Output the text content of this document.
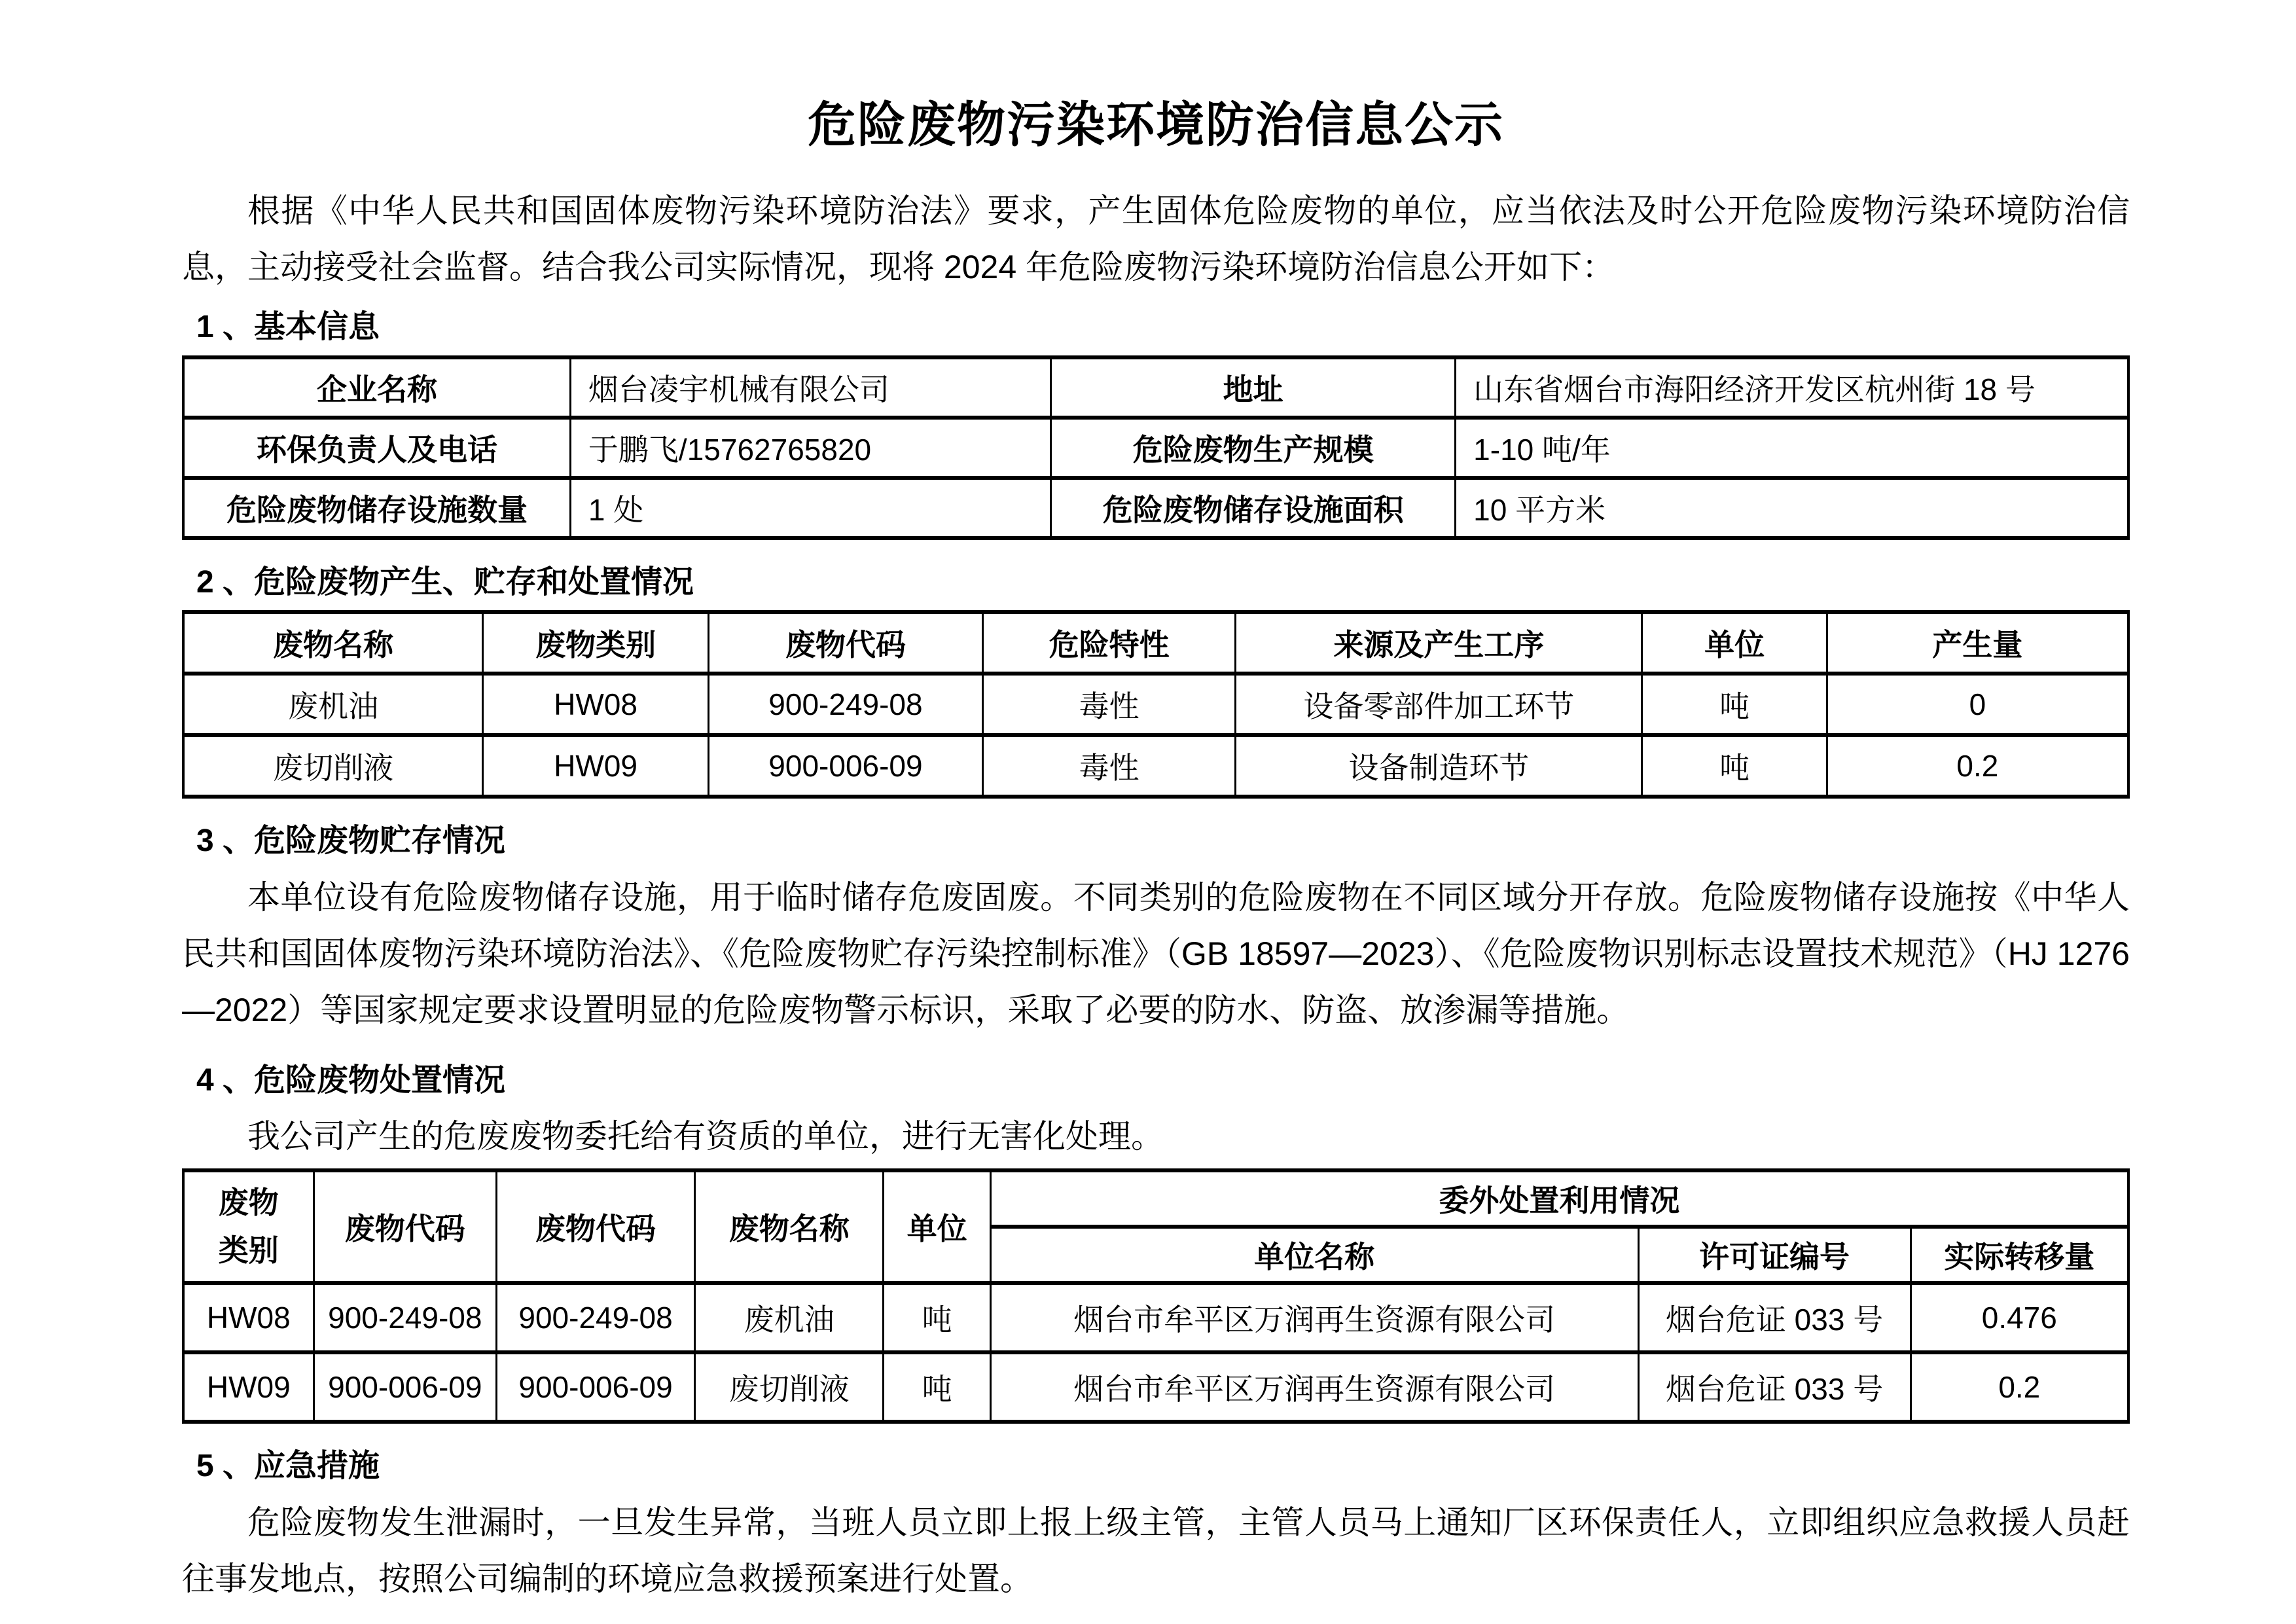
危险废物污染环境防治信息公示

根据《中华人民共和国固体废物污染环境防治法》要求，产生固体危险废物的单位，应当依法及时公开危险废物污染环境防治信息，主动接受社会监督。结合我公司实际情况，现将 2024 年危险废物污染环境防治信息公开如下：

1 、基本信息
企业名称	烟台凌宇机械有限公司	地址	山东省烟台市海阳经济开发区杭州街 18 号
环保负责人及电话	于鹏飞/15762765820	危险废物生产规模	1-10 吨/年
危险废物储存设施数量	1 处	危险废物储存设施面积	10 平方米
2 、危险废物产生、贮存和处置情况
废物名称	废物类别	废物代码	危险特性	来源及产生工序	单位	产生量
废机油	HW08	900-249-08	毒性	设备零部件加工环节	吨	0
废切削液	HW09	900-006-09	毒性	设备制造环节	吨	0.2
3 、危险废物贮存情况

本单位设有危险废物储存设施，用于临时储存危废固废。不同类别的危险废物在不同区域分开存放。危险废物储存设施按《中华人民共和国固体废物污染环境防治法》、《危险废物贮存污染控制标准》（GB 18597—2023）、《危险废物识别标志设置技术规范》（HJ 1276—2022）等国家规定要求设置明显的危险废物警示标识，采取了必要的防水、防盗、放渗漏等措施。

4 、危险废物处置情况

我公司产生的危废废物委托给有资质的单位，进行无害化处理。

废物类别	废物代码	废物代码	废物名称	单位	委外处置利用情况		
					单位名称	许可证编号	实际转移量
HW08	900-249-08	900-249-08	废机油	吨	烟台市牟平区万润再生资源有限公司	烟台危证 033 号	0.476
HW09	900-006-09	900-006-09	废切削液	吨	烟台市牟平区万润再生资源有限公司	烟台危证 033 号	0.2
5 、应急措施

危险废物发生泄漏时，一旦发生异常，当班人员立即上报上级主管，主管人员马上通知厂区环保责任人，立即组织应急救援人员赶往事发地点，按照公司编制的环境应急救援预案进行处置。
